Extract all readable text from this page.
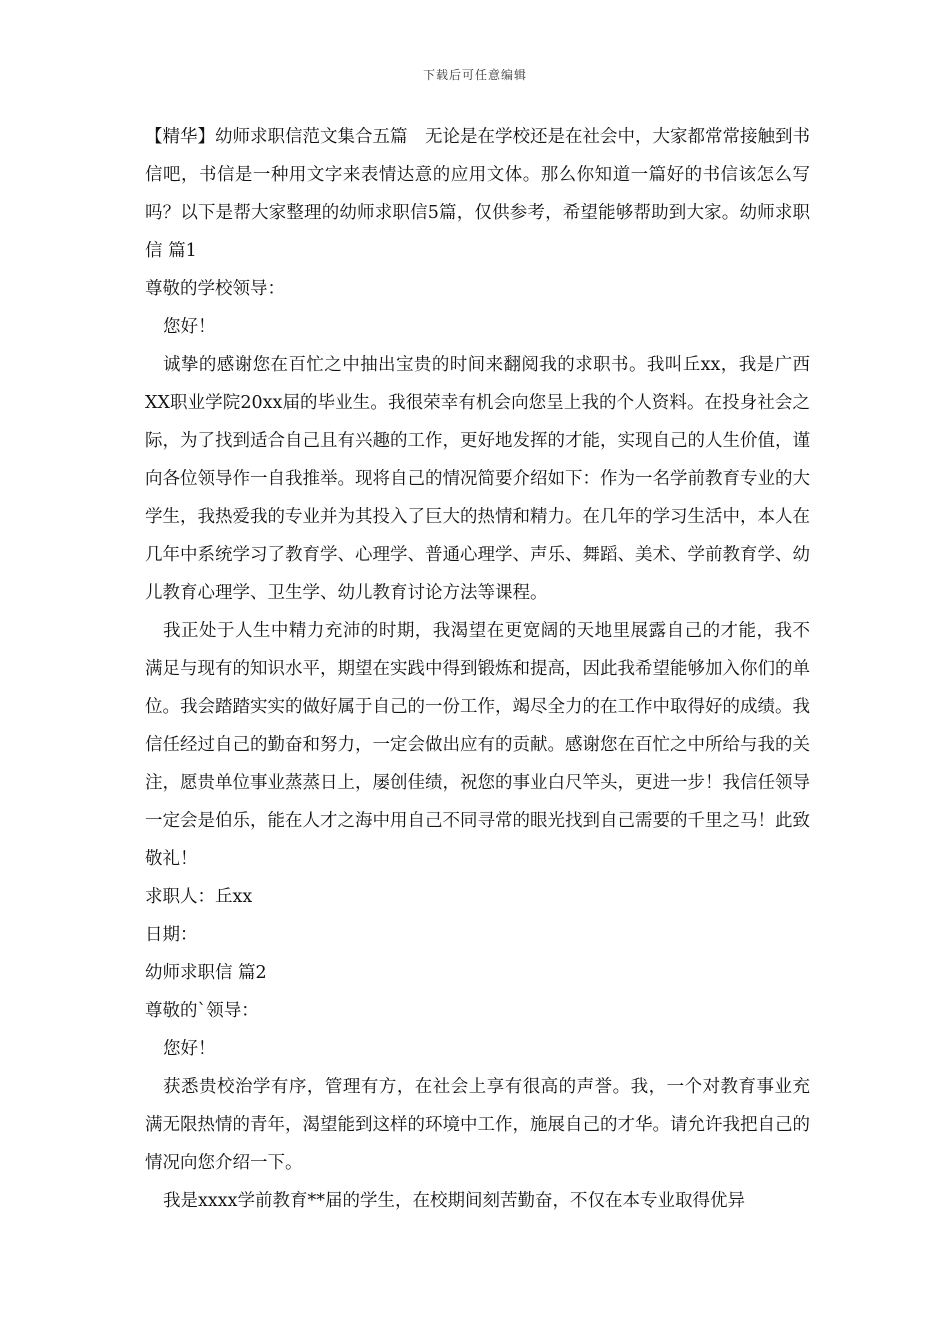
下载后可任意编辑

【精华】幼师求职信范文集合五篇　无论是在学校还是在社会中，大家都常常接触到书信吧，书信是一种用文字来表情达意的应用文体。那么你知道一篇好的书信该怎么写吗？以下是帮大家整理的幼师求职信5篇，仅供参考，希望能够帮助到大家。幼师求职信 篇1

尊敬的学校领导：

您好！

诚挚的感谢您在百忙之中抽出宝贵的时间来翻阅我的求职书。我叫丘xx，我是广西XX职业学院20xx届的毕业生。我很荣幸有机会向您呈上我的个人资料。在投身社会之际，为了找到适合自己且有兴趣的工作，更好地发挥的才能，实现自己的人生价值，谨向各位领导作一自我推举。现将自己的情况简要介绍如下：作为一名学前教育专业的大学生，我热爱我的专业并为其投入了巨大的热情和精力。在几年的学习生活中，本人在几年中系统学习了教育学、心理学、普通心理学、声乐、舞蹈、美术、学前教育学、幼儿教育心理学、卫生学、幼儿教育讨论方法等课程。

我正处于人生中精力充沛的时期，我渴望在更宽阔的天地里展露自己的才能，我不满足与现有的知识水平，期望在实践中得到锻炼和提高，因此我希望能够加入你们的单位。我会踏踏实实的做好属于自己的一份工作，竭尽全力的在工作中取得好的成绩。我信任经过自己的勤奋和努力，一定会做出应有的贡献。感谢您在百忙之中所给与我的关注，愿贵单位事业蒸蒸日上，屡创佳绩，祝您的事业白尺竿头，更进一步！我信任领导一定会是伯乐，能在人才之海中用自己不同寻常的眼光找到自己需要的千里之马！此致敬礼！

求职人：丘xx

日期：

幼师求职信 篇2

尊敬的`领导：

您好！

获悉贵校治学有序，管理有方，在社会上享有很高的声誉。我，一个对教育事业充满无限热情的青年，渴望能到这样的环境中工作，施展自己的才华。请允许我把自己的情况向您介绍一下。

我是xxxx学前教育**届的学生，在校期间刻苦勤奋，不仅在本专业取得优异
